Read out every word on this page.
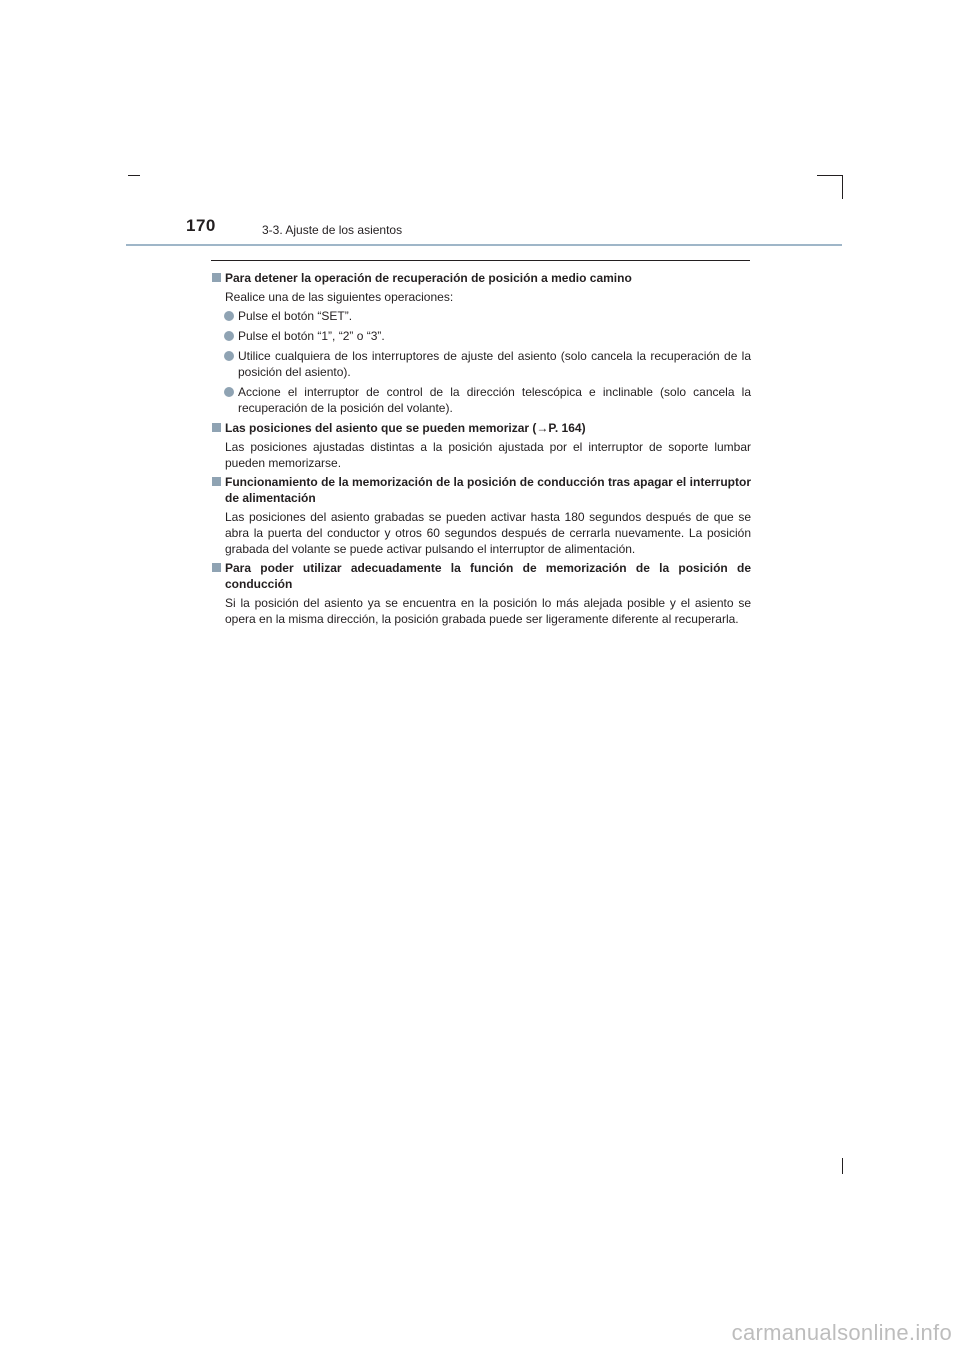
170	3-3. Ajuste de los asientos
Para detener la operación de recuperación de posición a medio camino
Realice una de las siguientes operaciones:
Pulse el botón “SET”.
Pulse el botón “1”, “2” o “3”.
Utilice cualquiera de los interruptores de ajuste del asiento (solo cancela la recuperación de la posición del asiento).
Accione el interruptor de control de la dirección telescópica e inclinable (solo cancela la recuperación de la posición del volante).
Las posiciones del asiento que se pueden memorizar (→P. 164)
Las posiciones ajustadas distintas a la posición ajustada por el interruptor de soporte lumbar pueden memorizarse.
Funcionamiento de la memorización de la posición de conducción tras apagar el interruptor de alimentación
Las posiciones del asiento grabadas se pueden activar hasta 180 segundos después de que se abra la puerta del conductor y otros 60 segundos después de cerrarla nuevamente. La posición grabada del volante se puede activar pulsando el interruptor de alimentación.
Para poder utilizar adecuadamente la función de memorización de la posición de conducción
Si la posición del asiento ya se encuentra en la posición lo más alejada posible y el asiento se opera en la misma dirección, la posición grabada puede ser ligeramente diferente al recuperarla.
carmanualsonline.info
